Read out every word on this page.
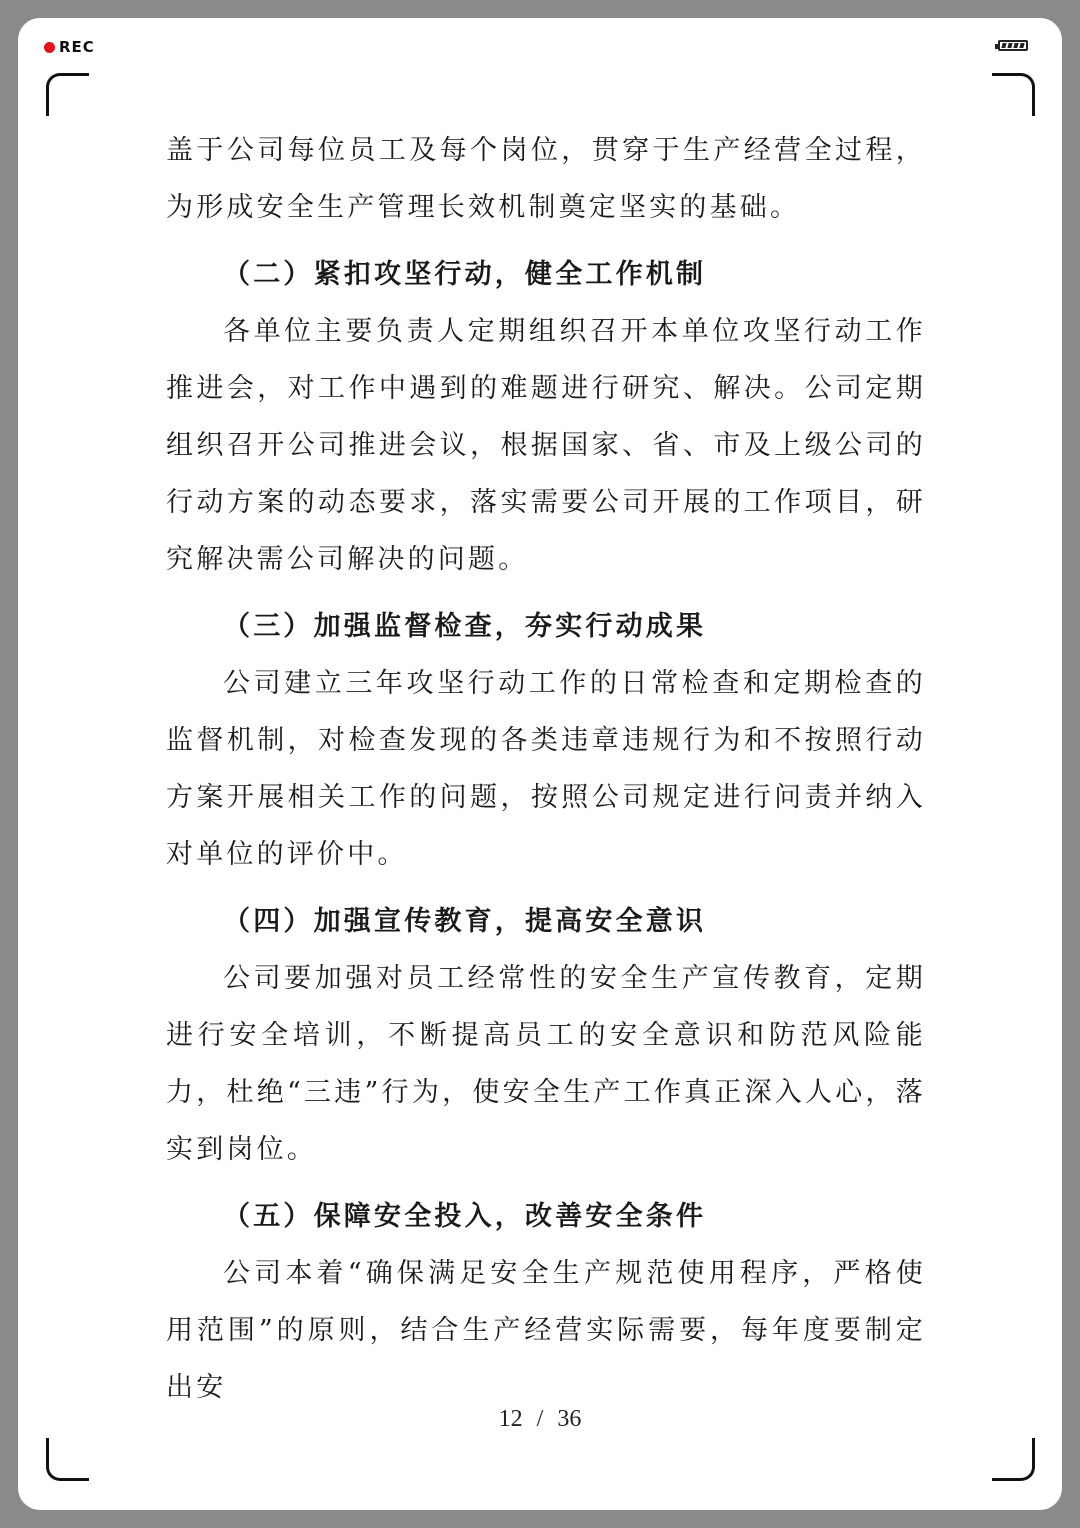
REC

盖于公司每位员工及每个岗位，贯穿于生产经营全过程，为形成安全生产管理长效机制奠定坚实的基础。

（二）紧扣攻坚行动，健全工作机制

各单位主要负责人定期组织召开本单位攻坚行动工作推进会，对工作中遇到的难题进行研究、解决。公司定期组织召开公司推进会议，根据国家、省、市及上级公司的行动方案的动态要求，落实需要公司开展的工作项目，研究解决需公司解决的问题。

（三）加强监督检查，夯实行动成果

公司建立三年攻坚行动工作的日常检查和定期检查的监督机制，对检查发现的各类违章违规行为和不按照行动方案开展相关工作的问题，按照公司规定进行问责并纳入对单位的评价中。

（四）加强宣传教育，提高安全意识

公司要加强对员工经常性的安全生产宣传教育，定期进行安全培训，不断提高员工的安全意识和防范风险能力，杜绝“三违”行为，使安全生产工作真正深入人心，落实到岗位。

（五）保障安全投入，改善安全条件

公司本着“确保满足安全生产规范使用程序，严格使用范围”的原则，结合生产经营实际需要，每年度要制定出安

12 / 36
